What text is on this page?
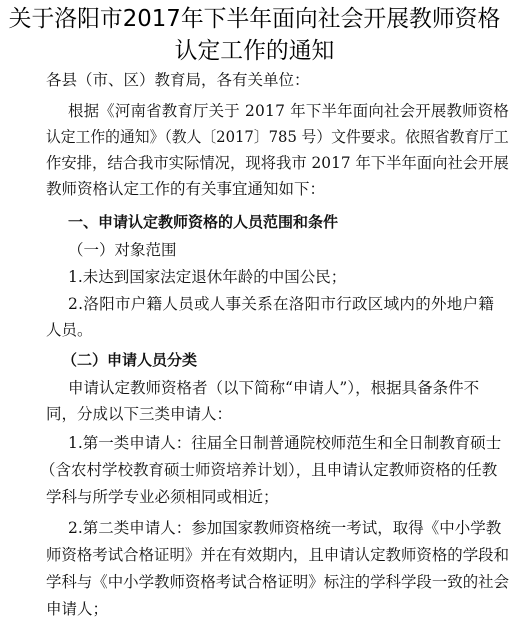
关于洛阳市2017年下半年面向社会开展教师资格
认定工作的通知
各县（市、区）教育局，各有关单位：
根据《河南省教育厅关于 2017 年下半年面向社会开展教师资格
认定工作的通知》（教人〔2017〕785 号）文件要求。依照省教育厅工
作安排，结合我市实际情况，现将我市 2017 年下半年面向社会开展
教师资格认定工作的有关事宜通知如下：
一、申请认定教师资格的人员范围和条件
（一）对象范围
1.未达到国家法定退休年龄的中国公民；
2.洛阳市户籍人员或人事关系在洛阳市行政区域内的外地户籍
人员。
（二）申请人员分类
申请认定教师资格者（以下简称“申请人”），根据具备条件不
同，分成以下三类申请人：
1.第一类申请人：往届全日制普通院校师范生和全日制教育硕士
（含农村学校教育硕士师资培养计划），且申请认定教师资格的任教
学科与所学专业必须相同或相近；
2.第二类申请人：参加国家教师资格统一考试，取得《中小学教
师资格考试合格证明》并在有效期内，且申请认定教师资格的学段和
学科与《中小学教师资格考试合格证明》标注的学科学段一致的社会
申请人；
